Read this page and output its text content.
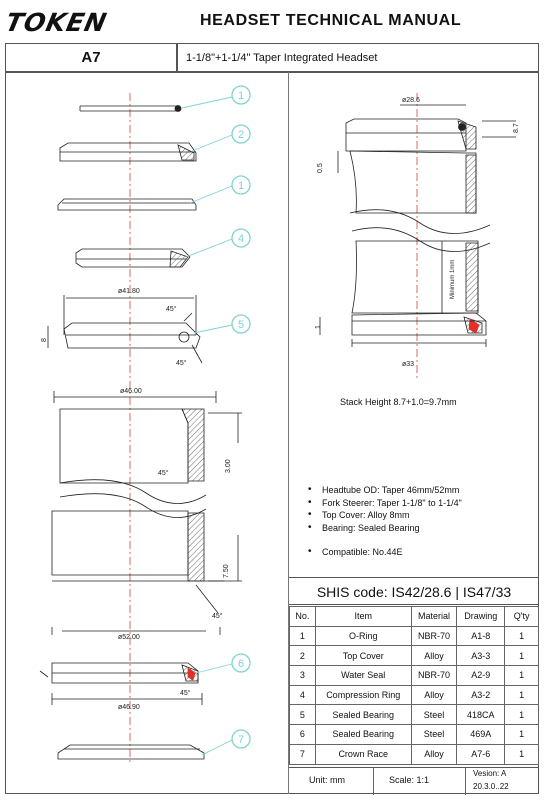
TOKEN	HEADSET TECHNICAL MANUAL
A7	1-1/8"+1-1/4" Taper Integrated Headset
1
2
1
4
5
6
7
ø41.80
45°
8
45°
ø46.00
45°
3.00
7.50
ø52.00
45°
ø46.90
45°
ø28.6
8.7
0.5
Minimum 1mm
1
ø33
Stack Height 8.7+1.0=9.7mm
• Headtube OD: Taper 46mm/52mm
• Fork Steerer: Taper 1-1/8" to 1-1/4"
• Top Cover: Alloy 8mm
• Bearing: Sealed Bearing
• Compatible: No.44E
SHIS code: IS42/28.6 | IS47/33
No.	Item	Material	Drawing	Q'ty
1	O-Ring	NBR-70	A1-8	1
2	Top Cover	Alloy	A3-3	1
3	Water Seal	NBR-70	A2-9	1
4	Compression Ring	Alloy	A3-2	1
5	Sealed Bearing	Steel	418CA	1
6	Sealed Bearing	Steel	469A	1
7	Crown Race	Alloy	A7-6	1
Unit: mm	Scale: 1:1
Vesion: A
20.3.0..22
